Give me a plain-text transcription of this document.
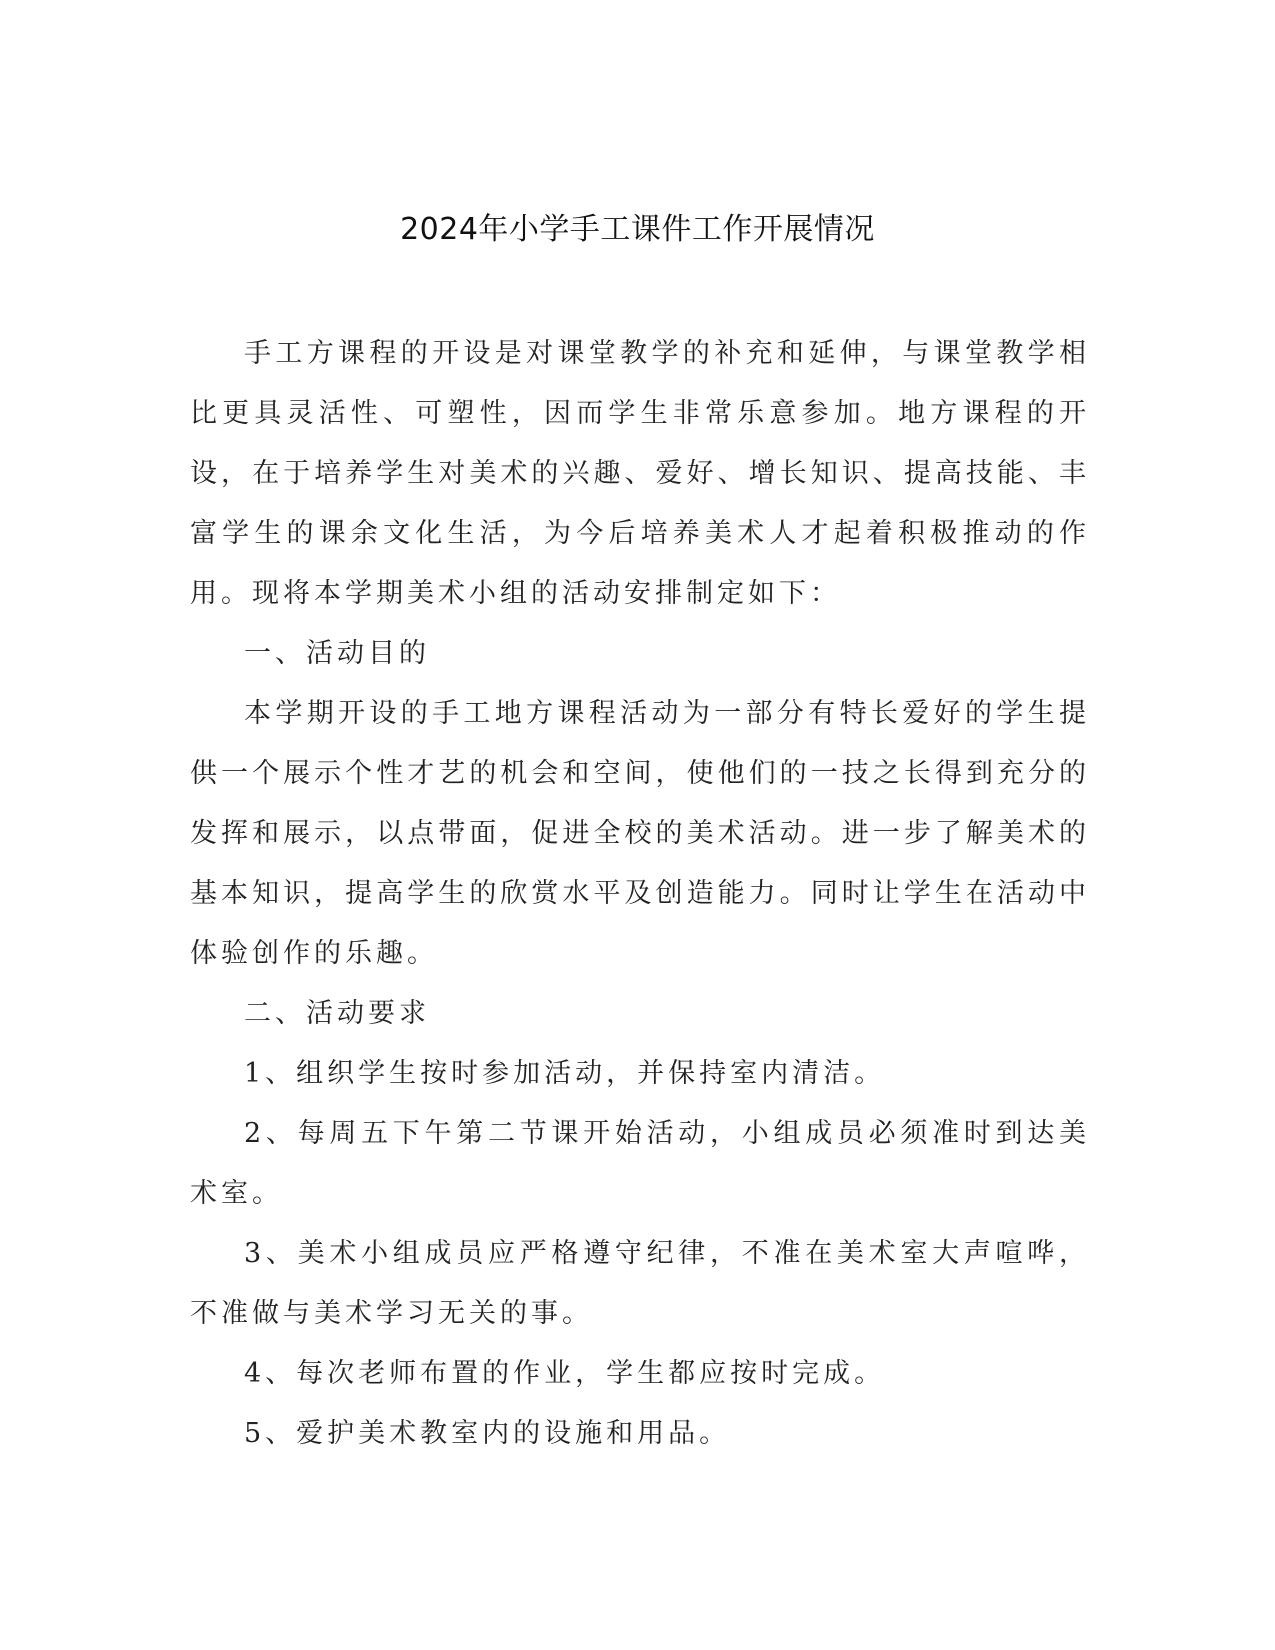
2024年小学手工课件工作开展情况

手工方课程的开设是对课堂教学的补充和延伸，与课堂教学相比更具灵活性、可塑性，因而学生非常乐意参加。地方课程的开设，在于培养学生对美术的兴趣、爱好、增长知识、提高技能、丰富学生的课余文化生活，为今后培养美术人才起着积极推动的作用。现将本学期美术小组的活动安排制定如下：

一、活动目的

本学期开设的手工地方课程活动为一部分有特长爱好的学生提供一个展示个性才艺的机会和空间，使他们的一技之长得到充分的发挥和展示，以点带面，促进全校的美术活动。进一步了解美术的基本知识，提高学生的欣赏水平及创造能力。同时让学生在活动中体验创作的乐趣。

二、活动要求

1、组织学生按时参加活动，并保持室内清洁。

2、每周五下午第二节课开始活动，小组成员必须准时到达美术室。

3、美术小组成员应严格遵守纪律，不准在美术室大声喧哗，不准做与美术学习无关的事。

4、每次老师布置的作业，学生都应按时完成。

5、爱护美术教室内的设施和用品。
